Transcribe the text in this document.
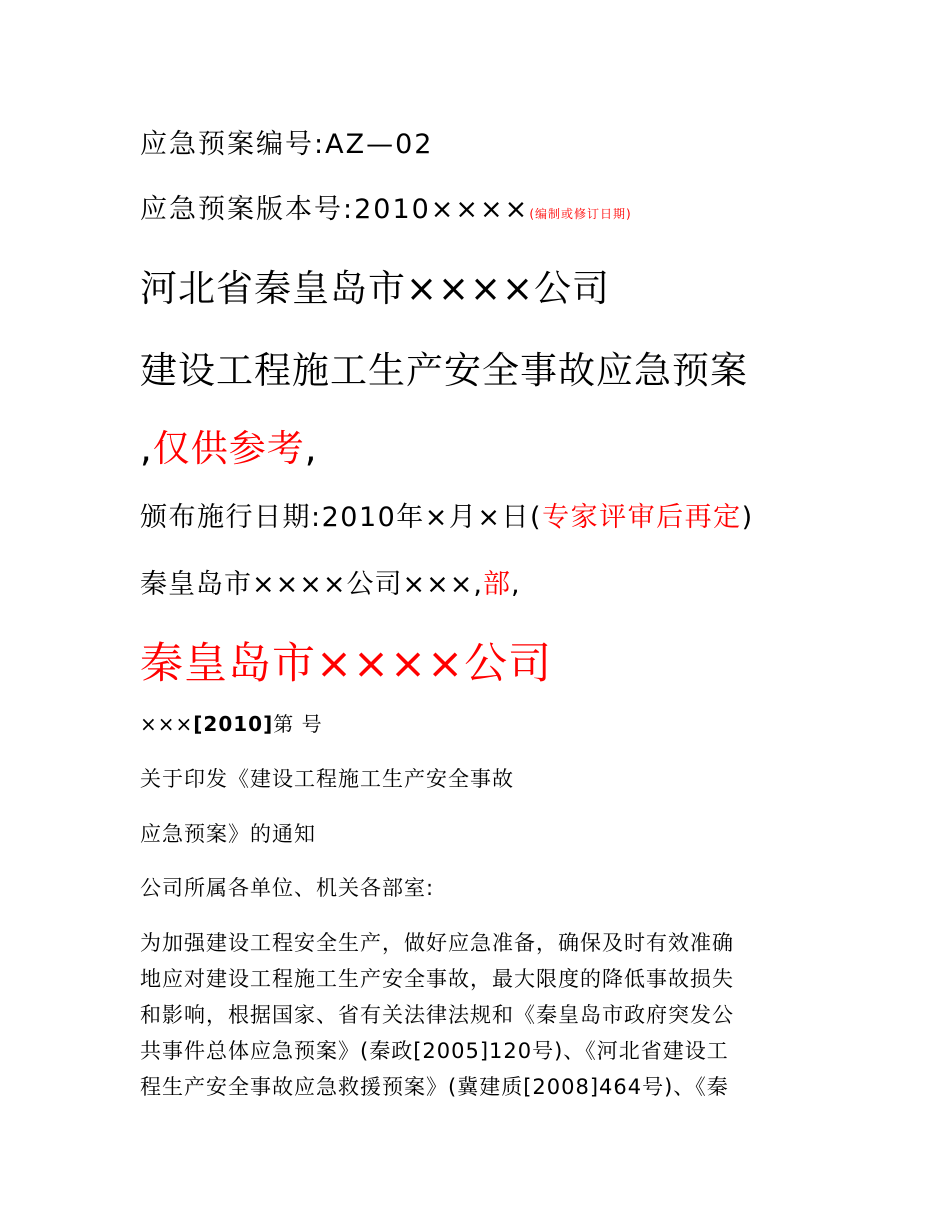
应急预案编号:AZ—02
应急预案版本号:2010××××(编制或修订日期)
河北省秦皇岛市××××公司
建设工程施工生产安全事故应急预案
,仅供参考,
颁布施行日期:2010年×月×日(专家评审后再定)
秦皇岛市××××公司×××,部,
秦皇岛市××××公司
×××[2010]第 号
关于印发《建设工程施工生产安全事故
应急预案》的通知
公司所属各单位、机关各部室:
为加强建设工程安全生产，做好应急准备，确保及时有效准确
地应对建设工程施工生产安全事故，最大限度的降低事故损失
和影响，根据国家、省有关法律法规和《秦皇岛市政府突发公
共事件总体应急预案》(秦政[2005]120号)、《河北省建设工
程生产安全事故应急救援预案》(冀建质[2008]464号)、《秦
